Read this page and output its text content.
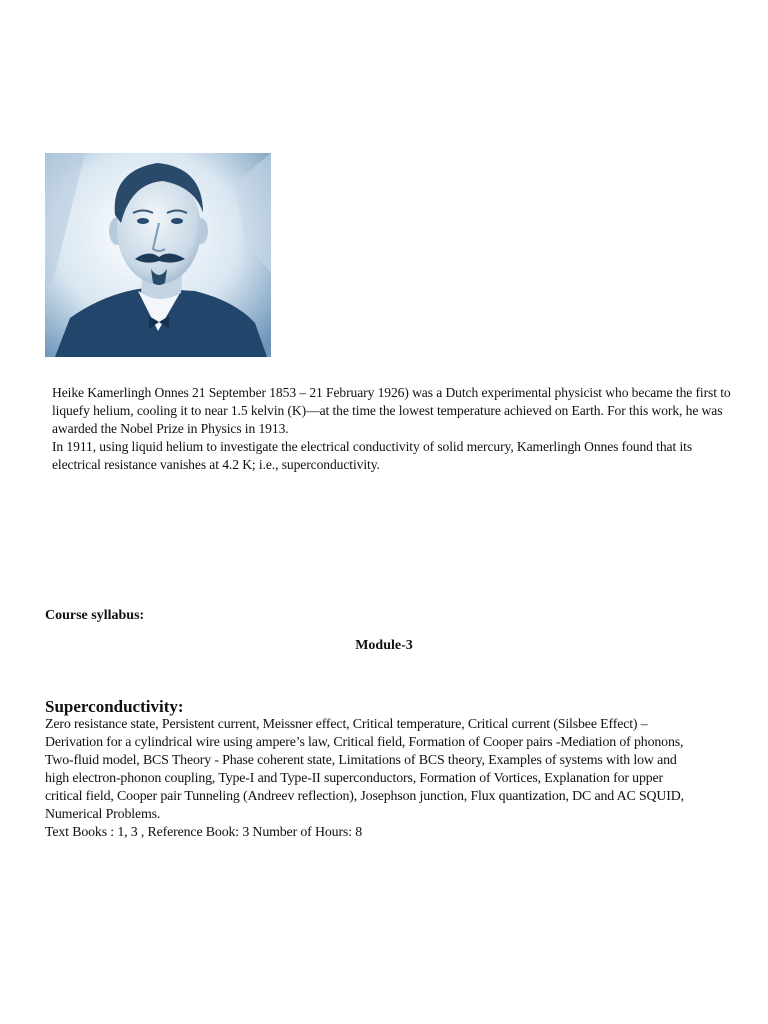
Heike Kamerlingh Onnes 21 September 1853 – 21 February 1926) was a Dutch experimental physicist who became the first to liquefy helium, cooling it to near 1.5 kelvin (K)—at the time the lowest temperature achieved on Earth. For this work, he was awarded the Nobel Prize in Physics in 1913.

In 1911, using liquid helium to investigate the electrical conductivity of solid mercury, Kamerlingh Onnes found that its electrical resistance vanishes at 4.2 K; i.e., superconductivity.

Course syllabus:
Module-3
Superconductivity:

Zero resistance state, Persistent current, Meissner effect, Critical temperature, Critical current (Silsbee Effect) – Derivation for a cylindrical wire using ampere’s law, Critical field, Formation of Cooper pairs -Mediation of phonons, Two-fluid model, BCS Theory - Phase coherent state, Limitations of BCS theory, Examples of systems with low and high electron-phonon coupling, Type-I and Type-II superconductors, Formation of Vortices, Explanation for upper critical field, Cooper pair Tunneling (Andreev reflection), Josephson junction, Flux quantization, DC and AC SQUID, Numerical Problems.

Text Books : 1, 3 , Reference Book: 3 Number of Hours: 8
